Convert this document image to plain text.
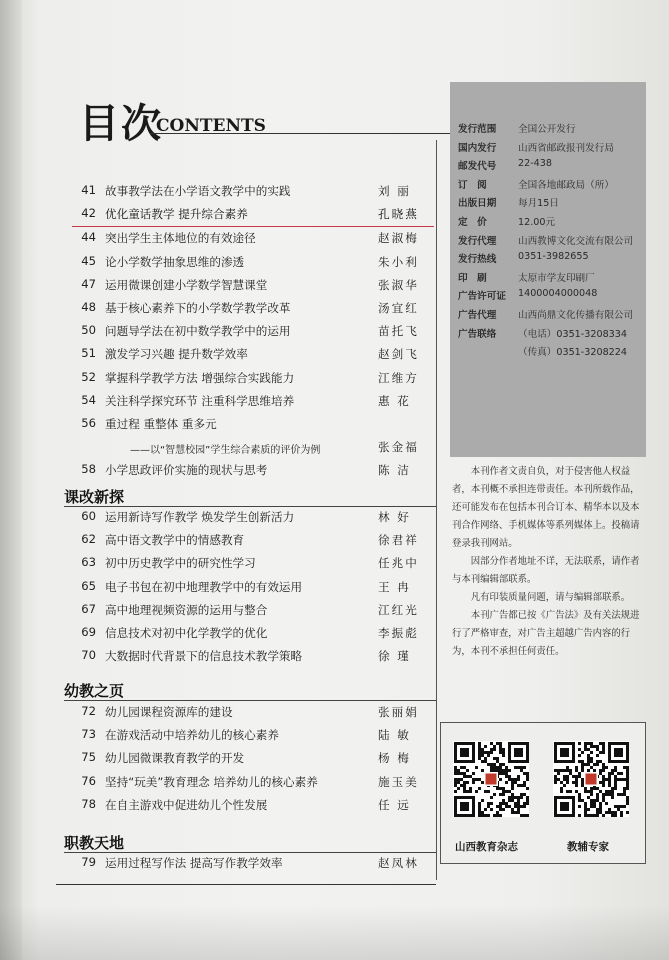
目次
CONTENTS
41 故事教学法在小学语文教学中的实践	刘 丽
42 优化童话教学 提升综合素养	孔晓燕
44 突出学生主体地位的有效途径	赵淑梅
45 论小学数学抽象思维的渗透	朱小利
47 运用微课创建小学数学智慧课堂	张淑华
48 基于核心素养下的小学数学教学改革	汤宜红
50 问题导学法在初中数学教学中的运用	苗托飞
51 激发学习兴趣 提升数学效率	赵剑飞
52 掌握科学教学方法 增强综合实践能力	江维方
54 关注科学探究环节 注重科学思维培养	惠 花
56 重过程 重整体 重多元
——以“智慧校园”学生综合素质的评价为例	张金福
58 小学思政评价实施的现状与思考	陈 洁
课改新探
60 运用新诗写作教学 焕发学生创新活力	林 好
62 高中语文教学中的情感教育	徐君祥
63 初中历史教学中的研究性学习	任兆中
65 电子书包在初中地理教学中的有效运用	王 冉
67 高中地理视频资源的运用与整合	江红光
69 信息技术对初中化学教学的优化	李振彪
70 大数据时代背景下的信息技术教学策略	徐 瑾
幼教之页
72 幼儿园课程资源库的建设	张丽娟
73 在游戏活动中培养幼儿的核心素养	陆 敏
75 幼儿园微课教育教学的开发	杨 梅
76 坚持“玩美”教育理念 培养幼儿的核心素养	施玉美
78 在自主游戏中促进幼儿个性发展	任 远
职教天地
79 运用过程写作法 提高写作教学效率	赵凤林
发行范围 全国公开发行
国内发行 山西省邮政报刊发行局
邮发代号 22-438
订　阅	全国各地邮政局（所）
出版日期 每月15日
定　价	12.00元
发行代理 山西教博文化交流有限公司
发行热线 0351-3982655
印　刷	太原市学友印刷厂
广告许可证 1400004000048
广告代理 山西尚鼎文化传播有限公司
广告联络 （电话）0351-3208334
（传真）0351-3208224

本刊作者文责自负，对于侵害他人权益者，本刊概不承担连带责任。本刊所载作品，还可能发布在包括本刊合订本、精华本以及本刊合作网络、手机媒体等系列媒体上。投稿请登录我刊网站。

因部分作者地址不详，无法联系，请作者与本刊编辑部联系。

凡有印装质量问题，请与编辑部联系。

本刊广告都已按《广告法》及有关法规进行了严格审查，对广告主超越广告内容的行为，本刊不承担任何责任。

山西教育杂志	教辅专家
